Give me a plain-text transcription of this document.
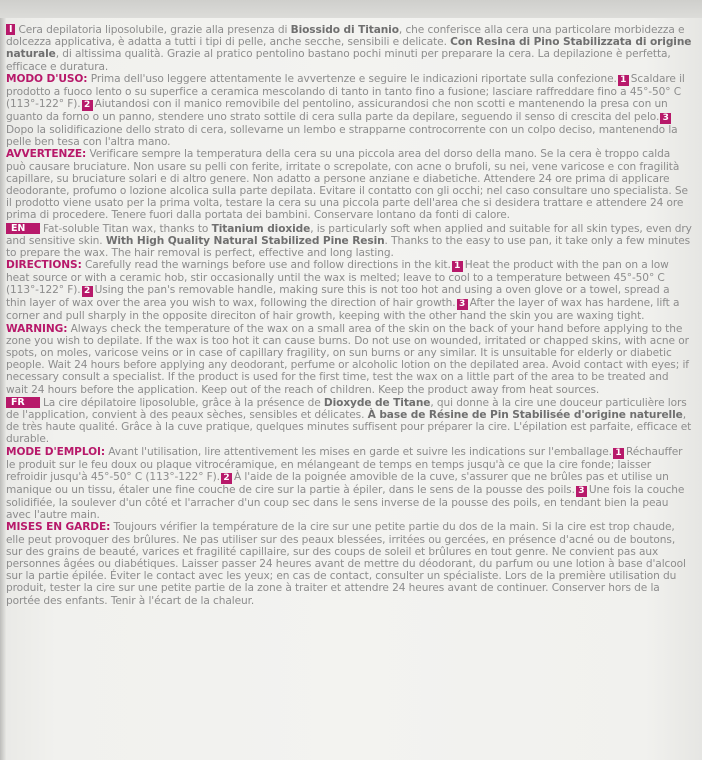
I Cera depilatoria liposolubile, grazie alla presenza di Biossido di Titanio, che conferisce alla cera una particolare morbidezza e dolcezza applicativa, è adatta a tutti i tipi di pelle, anche secche, sensibili e delicate. Con Resina di Pino Stabilizzata di origine naturale, di altissima qualità. Grazie al pratico pentolino bastano pochi minuti per preparare la cera. La depilazione è perfetta, efficace e duratura.

MODO D'USO: Prima dell'uso leggere attentamente le avvertenze e seguire le indicazioni riportate sulla confezione. 1 Scaldare il prodotto a fuoco lento o su superfice a ceramica mescolando di tanto in tanto fino a fusione; lasciare raffreddare fino a 45°-50° C (113°-122° F). 2 Aiutandosi con il manico removibile del pentolino, assicurandosi che non scotti e mantenendo la presa con un guanto da forno o un panno, stendere uno strato sottile di cera sulla parte da depilare, seguendo il senso di crescita del pelo. 3Dopo la solidificazione dello strato di cera, sollevarne un lembo e strapparne controcorrente con un colpo deciso, mantenendo la pelle ben tesa con l'altra mano.

AVVERTENZE: Verificare sempre la temperatura della cera su una piccola area del dorso della mano. Se la cera è troppo calda può causare bruciature. Non usare su pelli con ferite, irritate o screpolate, con acne o brufoli, su nei, vene varicose e con fragilità capillare, su bruciature solari e di altro genere. Non adatto a persone anziane e diabetiche. Attendere 24 ore prima di applicare deodorante, profumo o lozione alcolica sulla parte depilata. Evitare il contatto con gli occhi; nel caso consultare uno specialista. Se il prodotto viene usato per la prima volta, testare la cera su una piccola parte dell'area che si desidera trattare e attendere 24 ore prima di procedere. Tenere fuori dalla portata dei bambini. Conservare lontano da fonti di calore.

EN Fat-soluble Titan wax, thanks to Titanium dioxide, is particularly soft when applied and suitable for all skin types, even dry and sensitive skin. With High Quality Natural Stabilized Pine Resin. Thanks to the easy to use pan, it take only a few minutes to prepare the wax. The hair removal is perfect, effective and long lasting.

DIRECTIONS: Carefully read the warnings before use and follow directions in the kit. 1 Heat the product with the pan on a low heat source or with a ceramic hob, stir occasionally until the wax is melted; leave to cool to a temperature between 45°-50° C (113°-122° F). 2 Using the pan's removable handle, making sure this is not too hot and using a oven glove or a towel, spread a thin layer of wax over the area you wish to wax, following the direction of hair growth. 3 After the layer of wax has hardene, lift a corner and pull sharply in the opposite direciton of hair growth, keeping with the other hand the skin you are waxing tight.

WARNING: Always check the temperature of the wax on a small area of the skin on the back of your hand before applying to the zone you wish to depilate. If the wax is too hot it can cause burns. Do not use on wounded, irritated or chapped skins, with acne or spots, on moles, varicose veins or in case of capillary fragility, on sun burns or any similar. It is unsuitable for elderly or diabetic people. Wait 24 hours before applying any deodorant, perfume or alcoholic lotion on the depilated area. Avoid contact with eyes; if necessary consult a specialist. If the product is used for the first time, test the wax on a little part of the area to be treated and wait 24 hours before the application. Keep out of the reach of children. Keep the product away from heat sources.

FR La cire dépilatoire liposoluble, grâce à la présence de Dioxyde de Titane, qui donne à la cire une douceur particulière lors de l'application, convient à des peaux sèches, sensibles et délicates. À base de Résine de Pin Stabilisée d'origine naturelle, de très haute qualité. Grâce à la cuve pratique, quelques minutes suffisent pour préparer la cire. L'épilation est parfaite, efficace et durable.

MODE D'EMPLOI: Avant l'utilisation, lire attentivement les mises en garde et suivre les indications sur l'emballage. 1 Réchauffer le produit sur le feu doux ou plaque vitrocéramique, en mélangeant de temps en temps jusqu'à ce que la cire fonde; laisser refroidir jusqu'à 45°-50° C (113°-122° F). 2 À l'aide de la poignée amovible de la cuve, s'assurer que ne brûles pas et utilise un manique ou un tissu, étaler une fine couche de cire sur la partie à épiler, dans le sens de la pousse des poils. 3 Une fois la couche solidifiée, la soulever d'un côté et l'arracher d'un coup sec dans le sens inverse de la pousse des poils, en tendant bien la peau avec l'autre main.

MISES EN GARDE: Toujours vérifier la température de la cire sur une petite partie du dos de la main. Si la cire est trop chaude, elle peut provoquer des brûlures. Ne pas utiliser sur des peaux blessées, irritées ou gercées, en présence d'acné ou de boutons, sur des grains de beauté, varices et fragilité capillaire, sur des coups de soleil et brûlures en tout genre. Ne convient pas aux personnes âgées ou diabétiques. Laisser passer 24 heures avant de mettre du déodorant, du parfum ou une lotion à base d'alcool sur la partie épilée. Éviter le contact avec les yeux; en cas de contact, consulter un spécialiste. Lors de la première utilisation du produit, tester la cire sur une petite partie de la zone à traiter et attendre 24 heures avant de continuer. Conserver hors de la portée des enfants. Tenir à l'écart de la chaleur.
